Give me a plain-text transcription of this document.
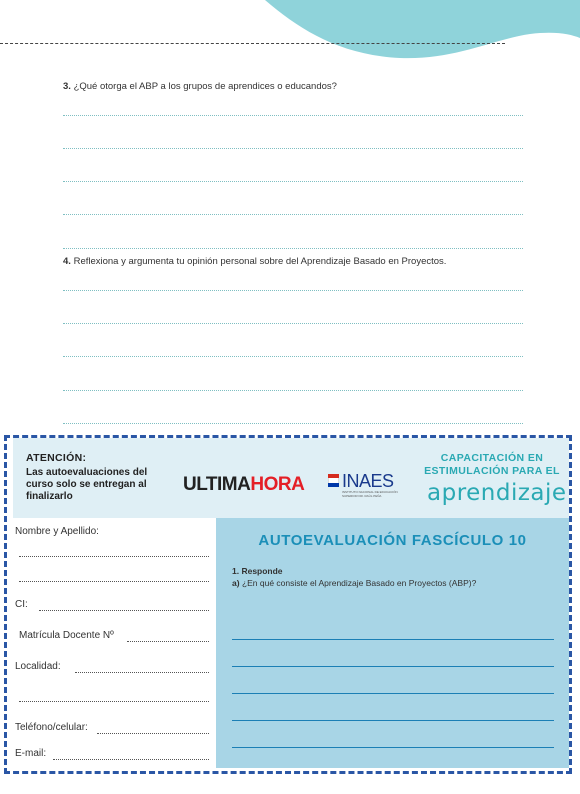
3. ¿Qué otorga el ABP a los grupos de aprendices o educandos?
4. Reflexiona y argumenta tu opinión personal sobre del Aprendizaje Basado en Proyectos.
ATENCIÓN:
Las autoevaluaciones del curso solo se entregan al finalizarlo
ULTIMAHORA INAES
INSTITUTO NACIONAL DE EDUCACIÓN SUPERIOR DR. RAÚL PEÑA
CAPACITACIÓN EN ESTIMULACIÓN PARA EL
aprendizaje
Nombre y Apellido:
CI:
Matrícula Docente Nº
Localidad:
Teléfono/celular:
E-mail:
AUTOEVALUACIÓN FASCÍCULO 10
1. Responde
a) ¿En qué consiste el Aprendizaje Basado en Proyectos (ABP)?
